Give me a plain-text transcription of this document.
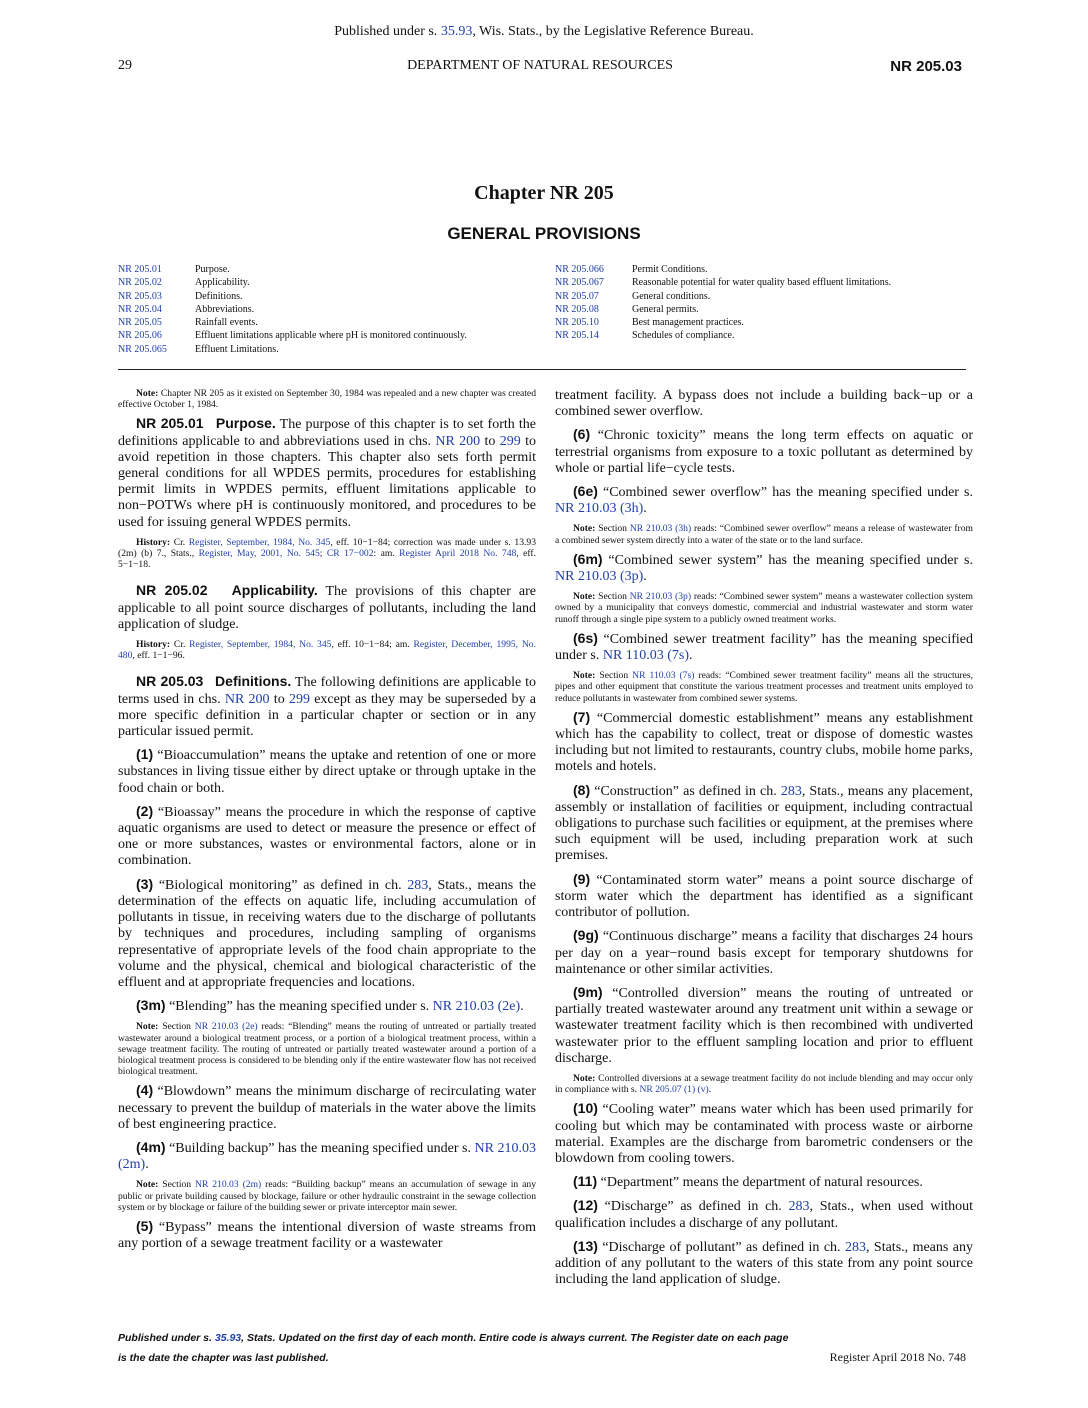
Published under s. 35.93, Wis. Stats., by the Legislative Reference Bureau.
29	DEPARTMENT OF NATURAL RESOURCES	NR 205.03
Chapter NR 205
GENERAL PROVISIONS
NR 205.01	Purpose.
NR 205.02	Applicability.
NR 205.03	Definitions.
NR 205.04	Abbreviations.
NR 205.05	Rainfall events.
NR 205.06	Effluent limitations applicable where pH is monitored continuously.
NR 205.065	Effluent Limitations.
NR 205.066	Permit Conditions.
NR 205.067	Reasonable potential for water quality based effluent limitations.
NR 205.07	General conditions.
NR 205.08	General permits.
NR 205.10	Best management practices.
NR 205.14	Schedules of compliance.

Note: Chapter NR 205 as it existed on September 30, 1984 was repealed and a new chapter was created effective October 1, 1984.

NR 205.01 Purpose. The purpose of this chapter is to set forth the definitions applicable to and abbreviations used in chs. NR 200 to 299 to avoid repetition in those chapters. This chapter also sets forth permit general conditions for all WPDES permits, procedures for establishing permit limits in WPDES permits, effluent limitations applicable to non−POTWs where pH is continuously monitored, and procedures to be used for issuing general WPDES permits.

History: Cr. Register, September, 1984, No. 345, eff. 10−1−84; correction was made under s. 13.93 (2m) (b) 7., Stats., Register, May, 2001, No. 545; CR 17−002: am. Register April 2018 No. 748, eff. 5−1−18.

NR 205.02 Applicability. The provisions of this chapter are applicable to all point source discharges of pollutants, including the land application of sludge.

History: Cr. Register, September, 1984, No. 345, eff. 10−1−84; am. Register, December, 1995, No. 480, eff. 1−1−96.

NR 205.03 Definitions. The following definitions are applicable to terms used in chs. NR 200 to 299 except as they may be superseded by a more specific definition in a particular chapter or section or in any particular issued permit.

(1) “Bioaccumulation” means the uptake and retention of one or more substances in living tissue either by direct uptake or through uptake in the food chain or both.

(2) “Bioassay” means the procedure in which the response of captive aquatic organisms are used to detect or measure the presence or effect of one or more substances, wastes or environmental factors, alone or in combination.

(3) “Biological monitoring” as defined in ch. 283, Stats., means the determination of the effects on aquatic life, including accumulation of pollutants in tissue, in receiving waters due to the discharge of pollutants by techniques and procedures, including sampling of organisms representative of appropriate levels of the food chain appropriate to the volume and the physical, chemical and biological characteristic of the effluent and at appropriate frequencies and locations.

(3m) “Blending” has the meaning specified under s. NR 210.03 (2e).

Note: Section NR 210.03 (2e) reads: “Blending” means the routing of untreated or partially treated wastewater around a biological treatment process, or a portion of a biological treatment process, within a sewage treatment facility. The routing of untreated or partially treated wastewater around a portion of a biological treatment process is considered to be blending only if the entire wastewater flow has not received biological treatment.

(4) “Blowdown” means the minimum discharge of recirculating water necessary to prevent the buildup of materials in the water above the limits of best engineering practice.

(4m) “Building backup” has the meaning specified under s. NR 210.03 (2m).

Note: Section NR 210.03 (2m) reads: “Building backup” means an accumulation of sewage in any public or private building caused by blockage, failure or other hydraulic constraint in the sewage collection system or by blockage or failure of the building sewer or private interceptor main sewer.

(5) “Bypass” means the intentional diversion of waste streams from any portion of a sewage treatment facility or a wastewater

treatment facility. A bypass does not include a building back−up or a combined sewer overflow.

(6) “Chronic toxicity” means the long term effects on aquatic or terrestrial organisms from exposure to a toxic pollutant as determined by whole or partial life−cycle tests.

(6e) “Combined sewer overflow” has the meaning specified under s. NR 210.03 (3h).

Note: Section NR 210.03 (3h) reads: “Combined sewer overflow” means a release of wastewater from a combined sewer system directly into a water of the state or to the land surface.

(6m) “Combined sewer system” has the meaning specified under s. NR 210.03 (3p).

Note: Section NR 210.03 (3p) reads: “Combined sewer system” means a wastewater collection system owned by a municipality that conveys domestic, commercial and industrial wastewater and storm water runoff through a single pipe system to a publicly owned treatment works.

(6s) “Combined sewer treatment facility” has the meaning specified under s. NR 110.03 (7s).

Note: Section NR 110.03 (7s) reads: “Combined sewer treatment facility” means all the structures, pipes and other equipment that constitute the various treatment processes and treatment units employed to reduce pollutants in wastewater from combined sewer systems.

(7) “Commercial domestic establishment” means any establishment which has the capability to collect, treat or dispose of domestic wastes including but not limited to restaurants, country clubs, mobile home parks, motels and hotels.

(8) “Construction” as defined in ch. 283, Stats., means any placement, assembly or installation of facilities or equipment, including contractual obligations to purchase such facilities or equipment, at the premises where such equipment will be used, including preparation work at such premises.

(9) “Contaminated storm water” means a point source discharge of storm water which the department has identified as a significant contributor of pollution.

(9g) “Continuous discharge” means a facility that discharges 24 hours per day on a year−round basis except for temporary shutdowns for maintenance or other similar activities.

(9m) “Controlled diversion” means the routing of untreated or partially treated wastewater around any treatment unit within a sewage or wastewater treatment facility which is then recombined with undiverted wastewater prior to the effluent sampling location and prior to effluent discharge.

Note: Controlled diversions at a sewage treatment facility do not include blending and may occur only in compliance with s. NR 205.07 (1) (v).

(10) “Cooling water” means water which has been used primarily for cooling but which may be contaminated with process waste or airborne material. Examples are the discharge from barometric condensers or the blowdown from cooling towers.

(11) “Department” means the department of natural resources.

(12) “Discharge” as defined in ch. 283, Stats., when used without qualification includes a discharge of any pollutant.

(13) “Discharge of pollutant” as defined in ch. 283, Stats., means any addition of any pollutant to the waters of this state from any point source including the land application of sludge.

Published under s. 35.93, Stats. Updated on the first day of each month. Entire code is always current. The Register date on each page
is the date the chapter was last published.	Register April 2018 No. 748
